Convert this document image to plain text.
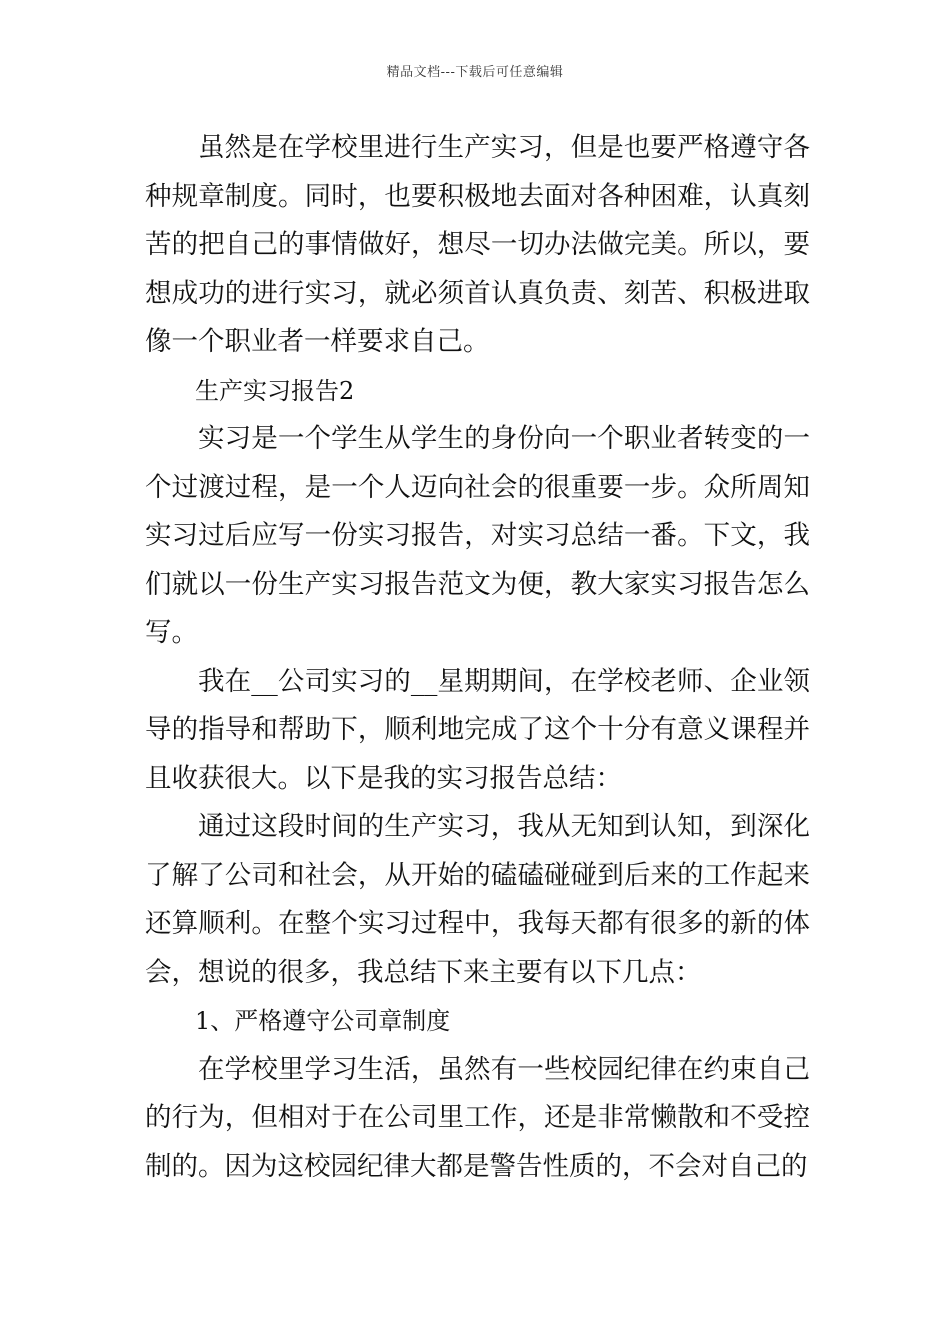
精品文档---下载后可任意编辑

虽然是在学校里进行生产实习，但是也要严格遵守各种规章制度。同时，也要积极地去面对各种困难，认真刻苦的把自己的事情做好，想尽一切办法做完美。所以，要想成功的进行实习，就必须首认真负责、刻苦、积极进取像一个职业者一样要求自己。

生产实习报告2

实习是一个学生从学生的身份向一个职业者转变的一个过渡过程，是一个人迈向社会的很重要一步。众所周知实习过后应写一份实习报告，对实习总结一番。下文，我们就以一份生产实习报告范文为便，教大家实习报告怎么写。

我在__公司实习的__星期期间，在学校老师、企业领导的指导和帮助下，顺利地完成了这个十分有意义课程并且收获很大。以下是我的实习报告总结：

通过这段时间的生产实习，我从无知到认知，到深化了解了公司和社会，从开始的磕磕碰碰到后来的工作起来还算顺利。在整个实习过程中，我每天都有很多的新的体会，想说的很多，我总结下来主要有以下几点：

1、严格遵守公司章制度

在学校里学习生活，虽然有一些校园纪律在约束自己的行为，但相对于在公司里工作，还是非常懒散和不受控制的。因为这校园纪律大都是警告性质的，不会对自己的
